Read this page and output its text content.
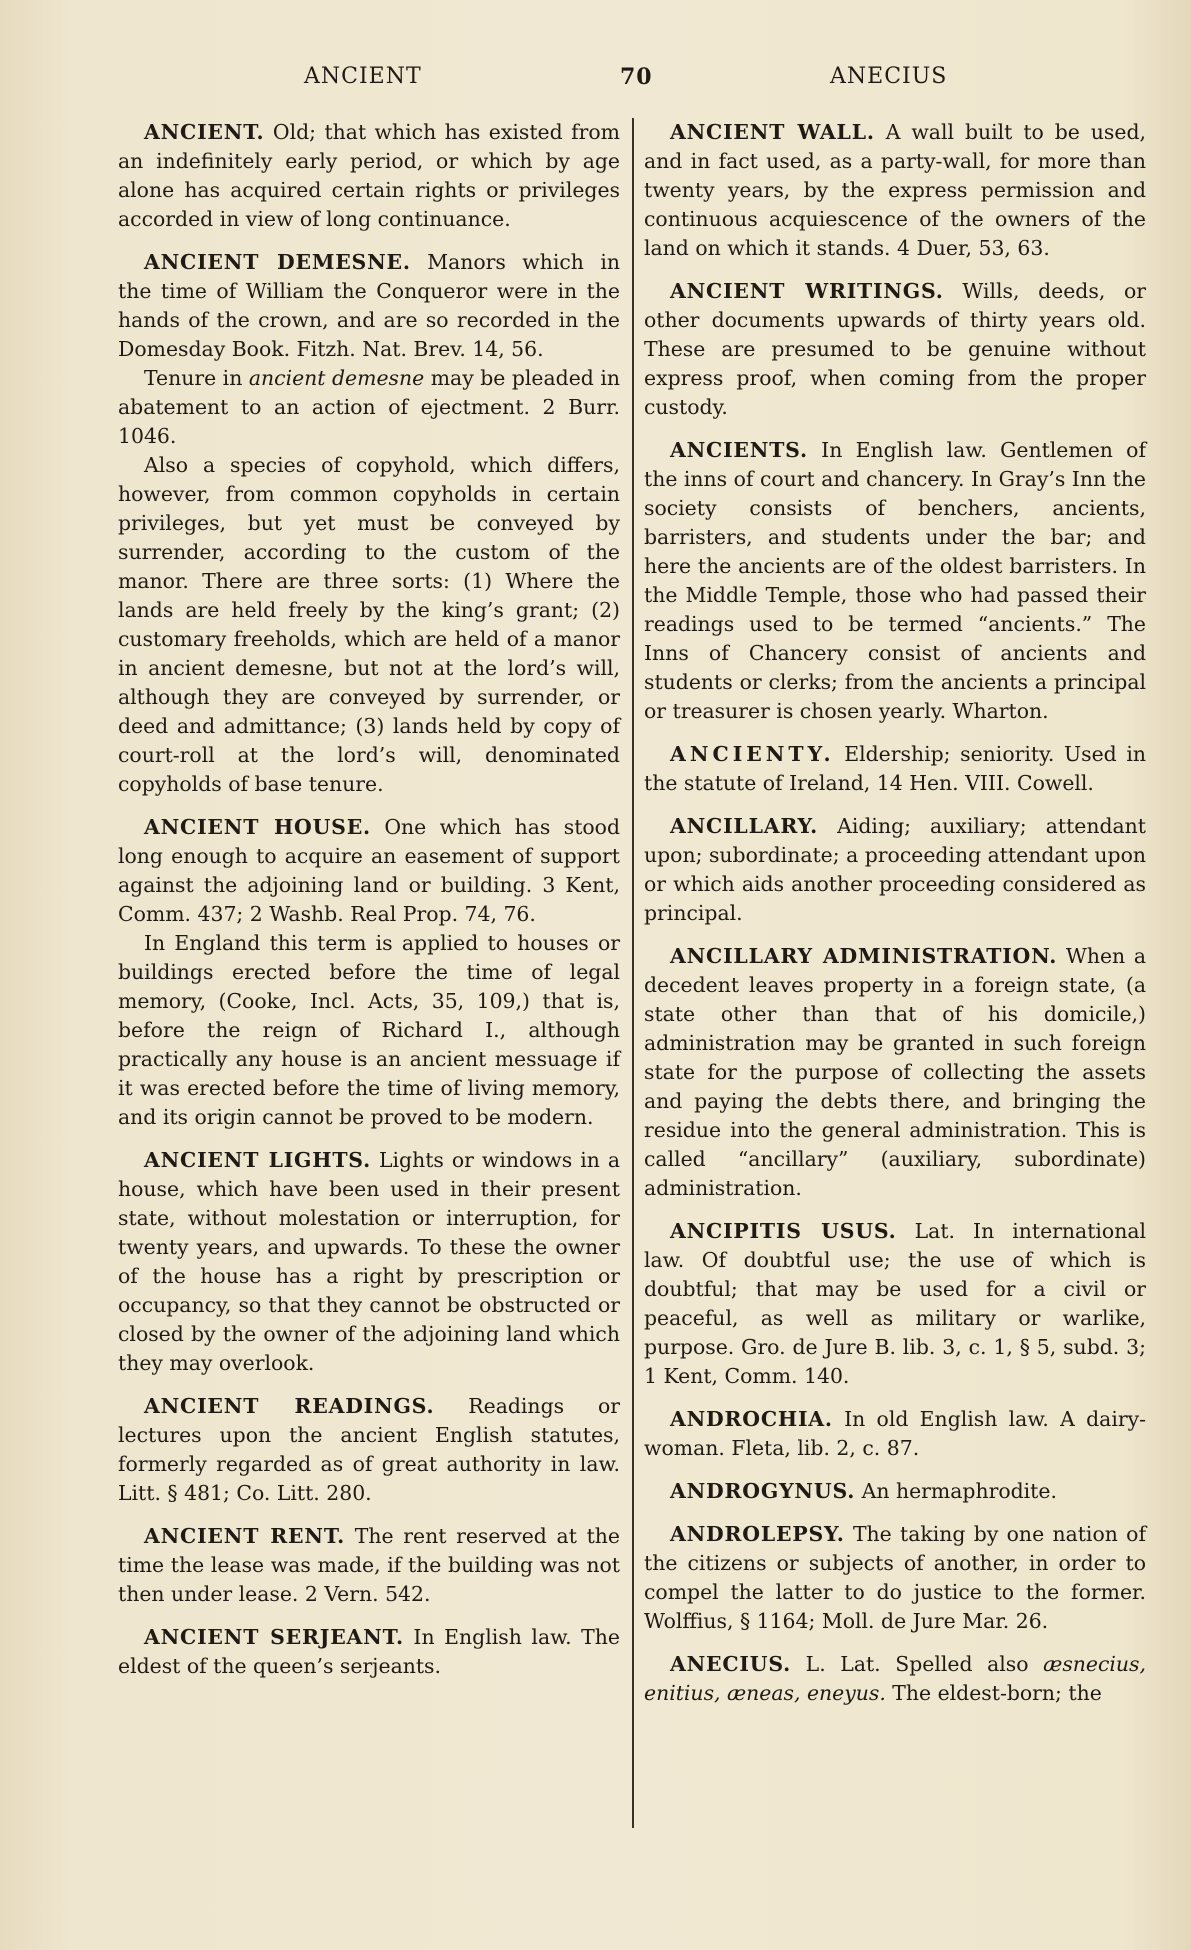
ANCIENT	70	ANECIUS

ANCIENT. Old; that which has existed from an indefinitely early period, or which by age alone has acquired certain rights or privileges accorded in view of long continuance.

ANCIENT DEMESNE. Manors which in the time of William the Conqueror were in the hands of the crown, and are so recorded in the Domesday Book. Fitzh. Nat. Brev. 14, 56.

Tenure in ancient demesne may be pleaded in abatement to an action of ejectment. 2 Burr. 1046.

Also a species of copyhold, which differs, however, from common copyholds in certain privileges, but yet must be conveyed by surrender, according to the custom of the manor. There are three sorts: (1) Where the lands are held freely by the king’s grant; (2) customary freeholds, which are held of a manor in ancient demesne, but not at the lord’s will, although they are conveyed by surrender, or deed and admittance; (3) lands held by copy of court-roll at the lord’s will, denominated copyholds of base tenure.

ANCIENT HOUSE. One which has stood long enough to acquire an easement of support against the adjoining land or building. 3 Kent, Comm. 437; 2 Washb. Real Prop. 74, 76.

In England this term is applied to houses or buildings erected before the time of legal memory, (Cooke, Incl. Acts, 35, 109,) that is, before the reign of Richard I., although practically any house is an ancient messuage if it was erected before the time of living memory, and its origin cannot be proved to be modern.

ANCIENT LIGHTS. Lights or windows in a house, which have been used in their present state, without molestation or interruption, for twenty years, and upwards. To these the owner of the house has a right by prescription or occupancy, so that they cannot be obstructed or closed by the owner of the adjoining land which they may overlook.

ANCIENT READINGS. Readings or lectures upon the ancient English statutes, formerly regarded as of great authority in law. Litt. § 481; Co. Litt. 280.

ANCIENT RENT. The rent reserved at the time the lease was made, if the building was not then under lease. 2 Vern. 542.

ANCIENT SERJEANT. In English law. The eldest of the queen’s serjeants.

ANCIENT WALL. A wall built to be used, and in fact used, as a party-wall, for more than twenty years, by the express permission and continuous acquiescence of the owners of the land on which it stands. 4 Duer, 53, 63.

ANCIENT WRITINGS. Wills, deeds, or other documents upwards of thirty years old. These are presumed to be genuine without express proof, when coming from the proper custody.

ANCIENTS. In English law. Gentlemen of the inns of court and chancery. In Gray’s Inn the society consists of benchers, ancients, barristers, and students under the bar; and here the ancients are of the oldest barristers. In the Middle Temple, those who had passed their readings used to be termed “ancients.” The Inns of Chancery consist of ancients and students or clerks; from the ancients a principal or treasurer is chosen yearly. Wharton.

ANCIENTY. Eldership; seniority. Used in the statute of Ireland, 14 Hen. VIII. Cowell.

ANCILLARY. Aiding; auxiliary; attendant upon; subordinate; a proceeding attendant upon or which aids another proceeding considered as principal.

ANCILLARY ADMINISTRATION. When a decedent leaves property in a foreign state, (a state other than that of his domicile,) administration may be granted in such foreign state for the purpose of collecting the assets and paying the debts there, and bringing the residue into the general administration. This is called “ancillary” (auxiliary, subordinate) administration.

ANCIPITIS USUS. Lat. In international law. Of doubtful use; the use of which is doubtful; that may be used for a civil or peaceful, as well as military or warlike, purpose. Gro. de Jure B. lib. 3, c. 1, § 5, subd. 3; 1 Kent, Comm. 140.

ANDROCHIA. In old English law. A dairy-woman. Fleta, lib. 2, c. 87.

ANDROGYNUS. An hermaphrodite.

ANDROLEPSY. The taking by one nation of the citizens or subjects of another, in order to compel the latter to do justice to the former. Wolffius, § 1164; Moll. de Jure Mar. 26.

ANECIUS. L. Lat. Spelled also æsnecius, enitius, æneas, eneyus. The eldest-born; the
